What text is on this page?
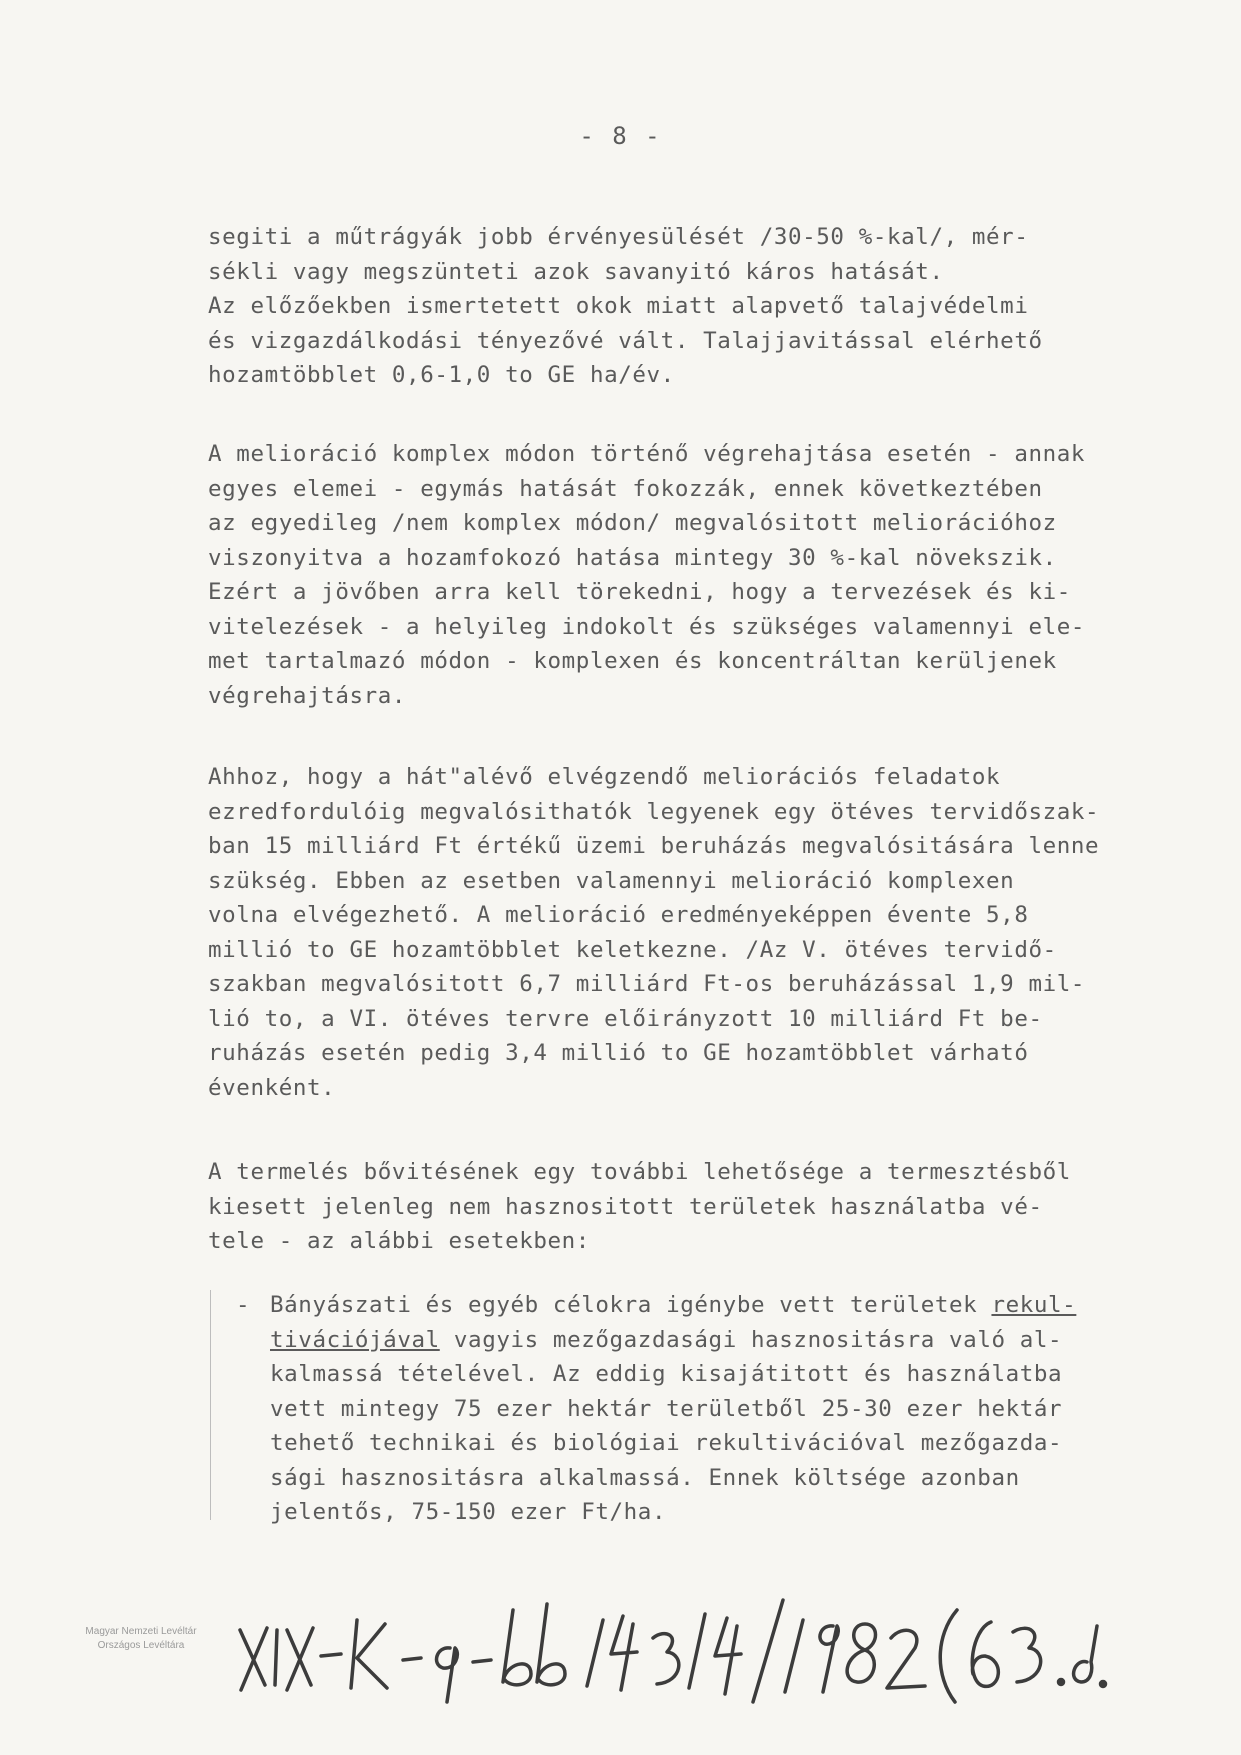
- 8 -
segiti a műtrágyák jobb érvényesülését /30-50 %-kal/, mér-
sékli vagy megszünteti azok savanyitó káros hatását.
Az előzőekben ismertetett okok miatt alapvető talajvédelmi
és vizgazdálkodási tényezővé vált. Talajjavitással elérhető
hozamtöbblet 0,6-1,0 to GE ha/év.
A melioráció komplex módon történő végrehajtása esetén - annak
egyes elemei - egymás hatását fokozzák, ennek következtében
az egyedileg /nem komplex módon/ megvalósitott meliorációhoz
viszonyitva a hozamfokozó hatása mintegy 30 %-kal növekszik.
Ezért a jövőben arra kell törekedni, hogy a tervezések és ki-
vitelezések - a helyileg indokolt és szükséges valamennyi ele-
met tartalmazó módon - komplexen és koncentráltan kerüljenek
végrehajtásra.
Ahhoz, hogy a hát"alévő elvégzendő meliorációs feladatok
ezredfordulóig megvalósithatók legyenek egy ötéves tervidőszak-
ban 15 milliárd Ft értékű üzemi beruházás megvalósitására lenne
szükség. Ebben az esetben valamennyi melioráció komplexen
volna elvégezhető. A melioráció eredményeképpen évente 5,8
millió to GE hozamtöbblet keletkezne. /Az V. ötéves tervidő-
szakban megvalósitott 6,7 milliárd Ft-os beruházással 1,9 mil-
lió to, a VI. ötéves tervre előirányzott 10 milliárd Ft be-
ruházás esetén pedig 3,4 millió to GE hozamtöbblet várható
évenként.
A termelés bővitésének egy további lehetősége a termesztésből
kiesett jelenleg nem hasznositott területek használatba vé-
tele - az alábbi esetekben:
- Bányászati és egyéb célokra igénybe vett területek rekul-
tivációjával vagyis mezőgazdasági hasznositásra való al-
kalmassá tételével. Az eddig kisajátitott és használatba
vett mintegy 75 ezer hektár területből 25-30 ezer hektár
tehető technikai és biológiai rekultivációval mezőgazda-
sági hasznositásra alkalmassá. Ennek költsége azonban
jelentős, 75-150 ezer Ft/ha.
Magyar Nemzeti Levéltár
Országos Levéltára
